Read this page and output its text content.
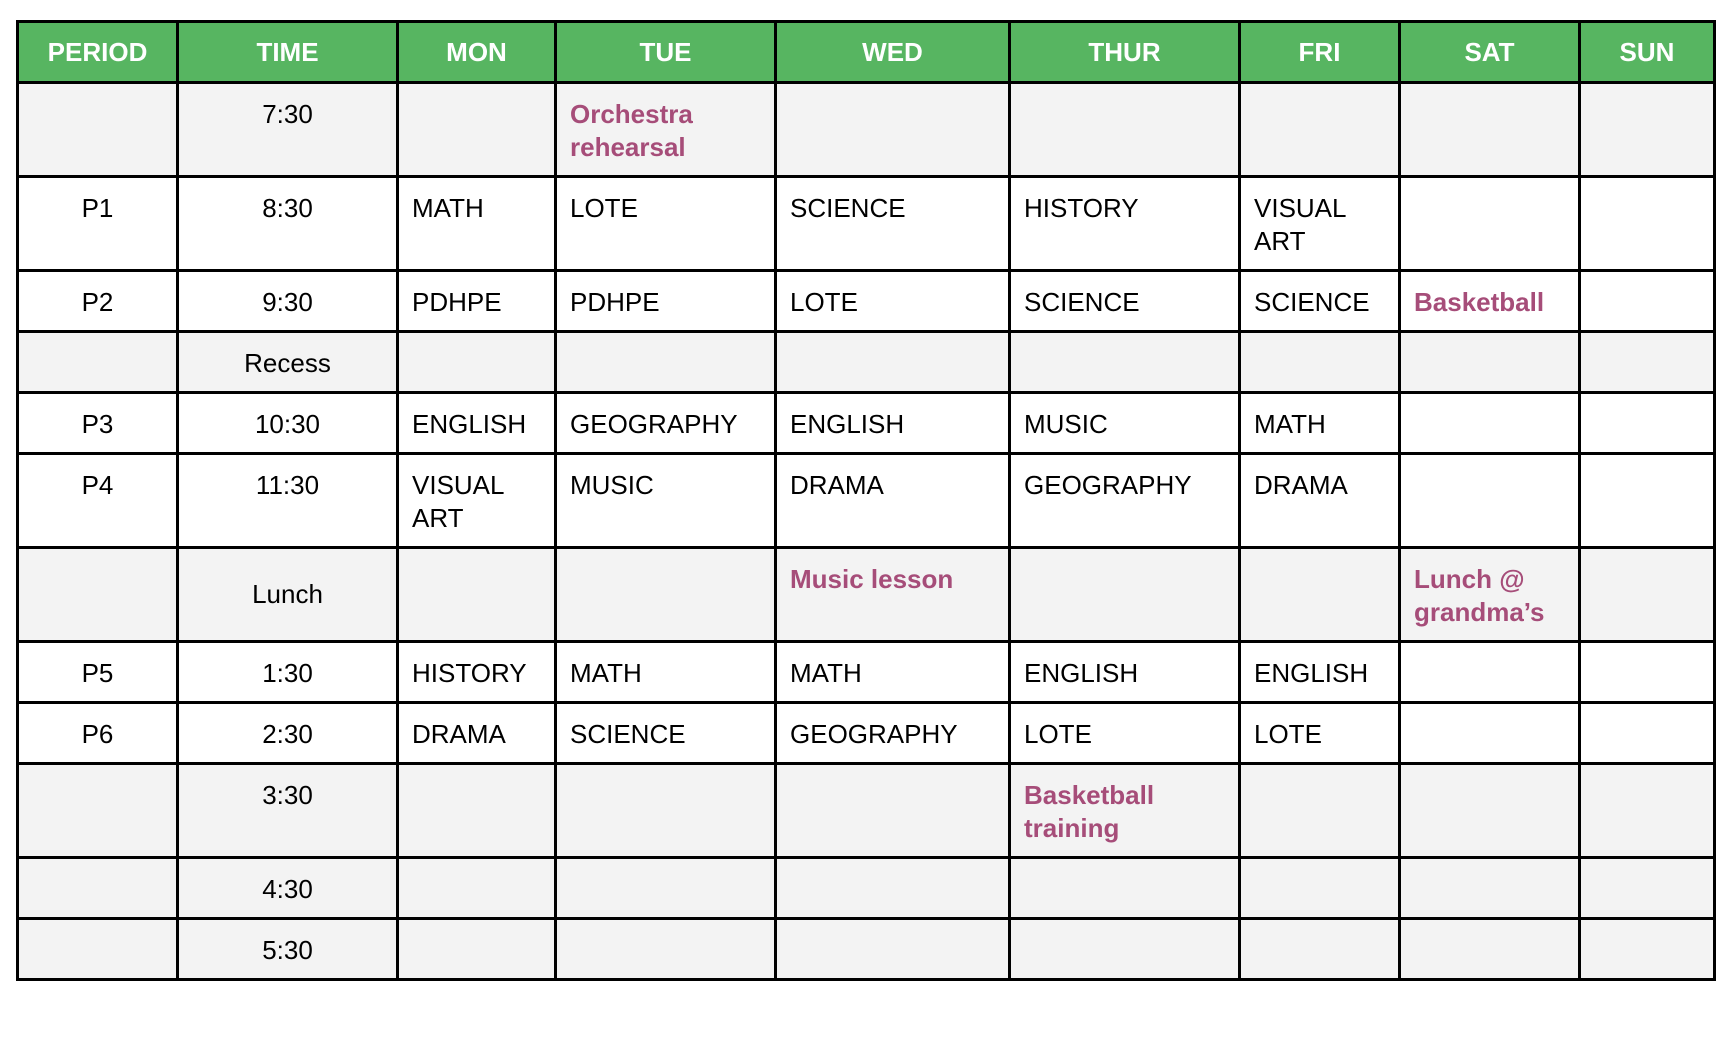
PERIOD	TIME	MON	TUE	WED	THUR	FRI	SAT	SUN
	7:30		Orchestra rehearsal					
P1	8:30	MATH	LOTE	SCIENCE	HISTORY	VISUAL ART		
P2	9:30	PDHPE	PDHPE	LOTE	SCIENCE	SCIENCE	Basketball	
	Recess							
P3	10:30	ENGLISH	GEOGRAPHY	ENGLISH	MUSIC	MATH		
P4	11:30	VISUAL ART	MUSIC	DRAMA	GEOGRAPHY	DRAMA		
	Lunch			Music lesson			Lunch @ grandma’s	
P5	1:30	HISTORY	MATH	MATH	ENGLISH	ENGLISH		
P6	2:30	DRAMA	SCIENCE	GEOGRAPHY	LOTE	LOTE		
	3:30				Basketball training			
	4:30							
	5:30							
